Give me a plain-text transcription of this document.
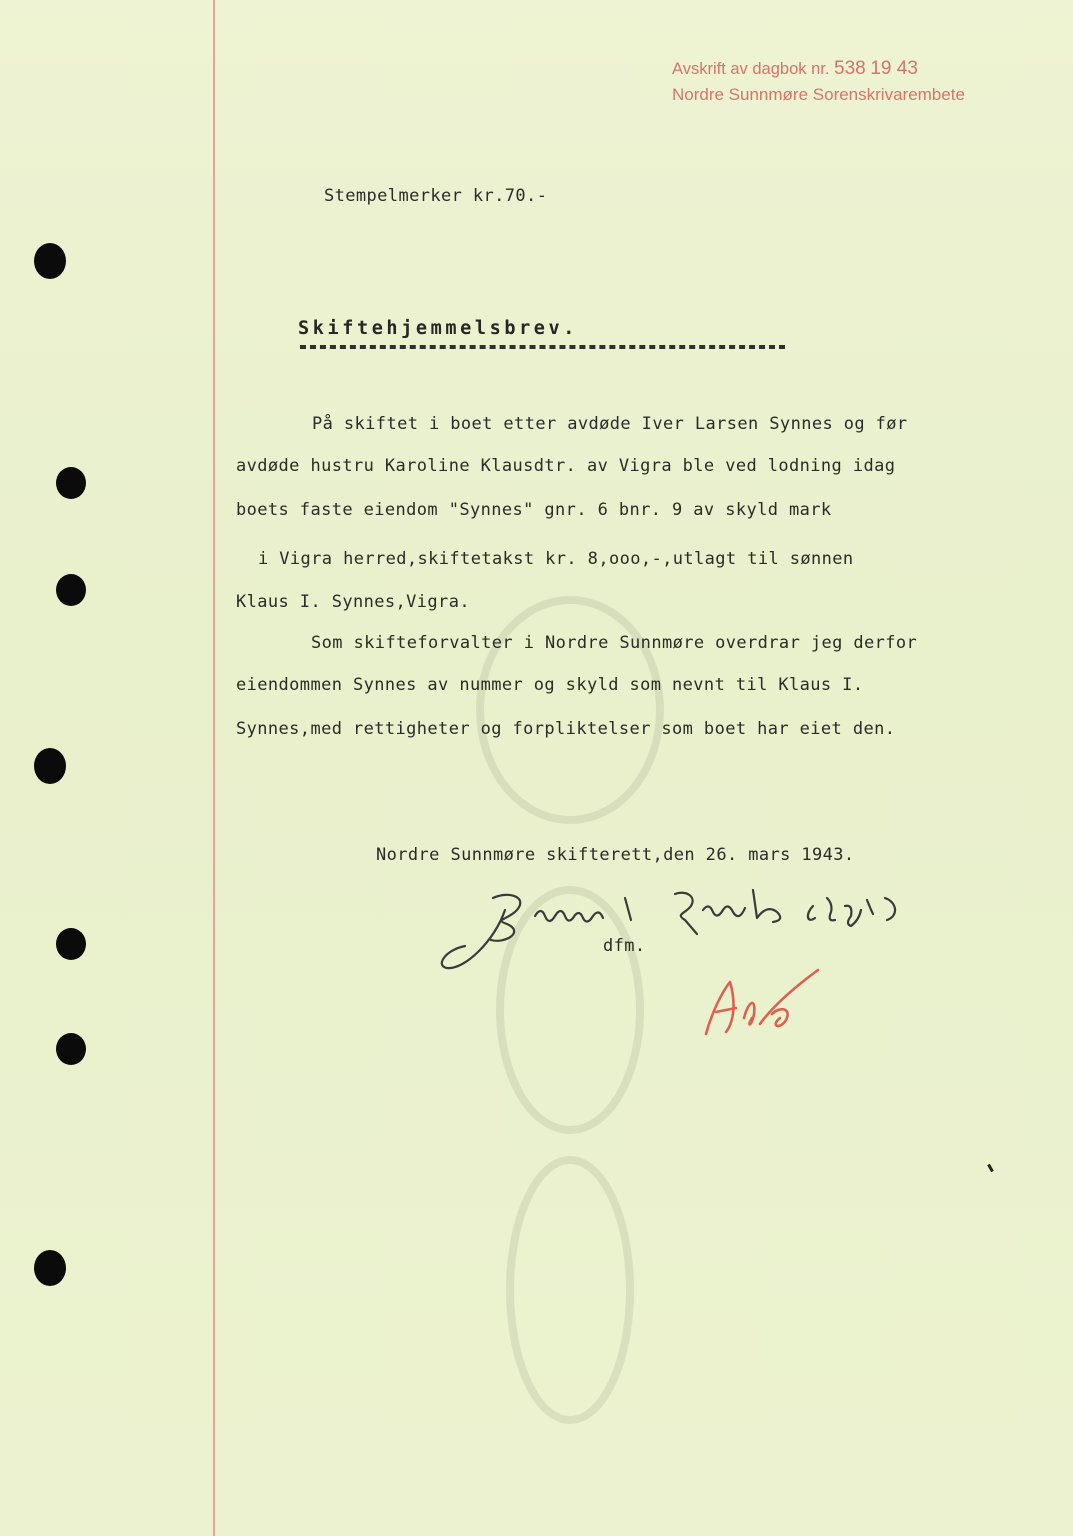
Avskrift av dagbok nr. 538 19 43
Nordre Sunnmøre Sorenskrivarembete
Stempelmerker kr.70.-
Skiftehjemmelsbrev.
På skiftet i boet etter avdøde Iver Larsen Synnes og før
avdøde hustru Karoline Klausdtr. av Vigra ble ved lodning idag
boets faste eiendom "Synnes" gnr. 6 bnr. 9 av skyld mark
i Vigra herred,skiftetakst kr. 8,ooo,-,utlagt til sønnen
Klaus I. Synnes,Vigra.
Som skifteforvalter i Nordre Sunnmøre overdrar jeg derfor
eiendommen Synnes av nummer og skyld som nevnt til Klaus I.
Synnes,med rettigheter og forpliktelser som boet har eiet den.
Nordre Sunnmøre skifterett,den 26. mars 1943.
dfm.
